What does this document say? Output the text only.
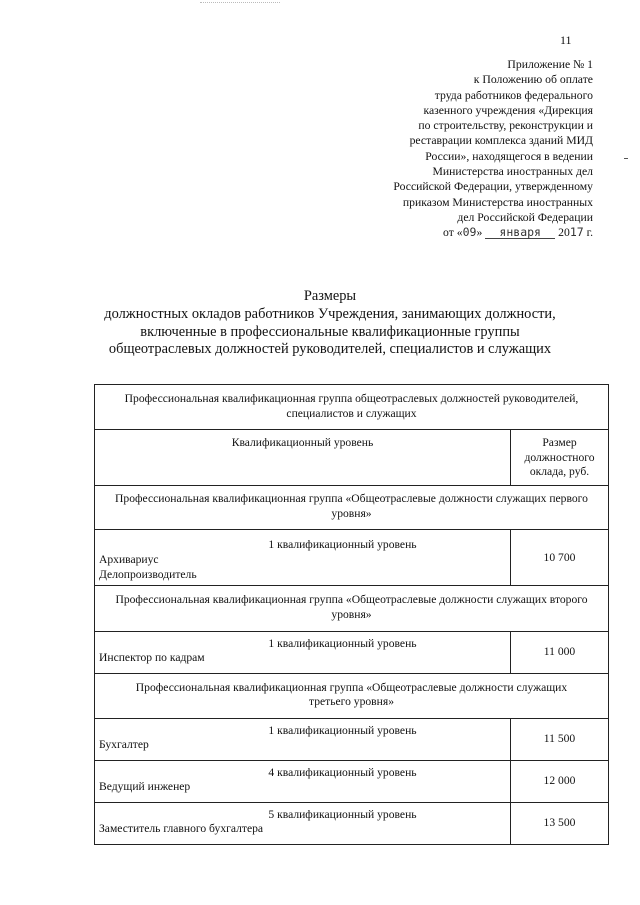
11
Приложение № 1
к Положению об оплате
труда работников федерального
казенного учреждения «Дирекция
по строительству, реконструкции и
реставрации комплекса зданий МИД
России», находящегося в ведении
Министерства иностранных дел
Российской Федерации, утвержденному
приказом Министерства иностранных
дел Российской Федерации
от «09» января 2017 г.
Размеры
должностных окладов работников Учреждения, занимающих должности,
включенные в профессиональные квалификационные группы
общеотраслевых должностей руководителей, специалистов и служащих
Профессиональная квалификационная группа общеотраслевых должностей руководителей, специалистов и служащих	
Квалификационный уровень	Размер должностного оклада, руб.
Профессиональная квалификационная группа «Общеотраслевые должности служащих первого уровня»	

1 квалификационный уровень
Архивариус
Делопроизводитель	10 700
Профессиональная квалификационная группа «Общеотраслевые должности служащих второго уровня»	

1 квалификационный уровень
Инспектор по кадрам	11 000
Профессиональная квалификационная группа «Общеотраслевые должности служащих третьего уровня»	

1 квалификационный уровень
Бухгалтер	11 500

4 квалификационный уровень
Ведущий инженер	12 000

5 квалификационный уровень
Заместитель главного бухгалтера	13 500
